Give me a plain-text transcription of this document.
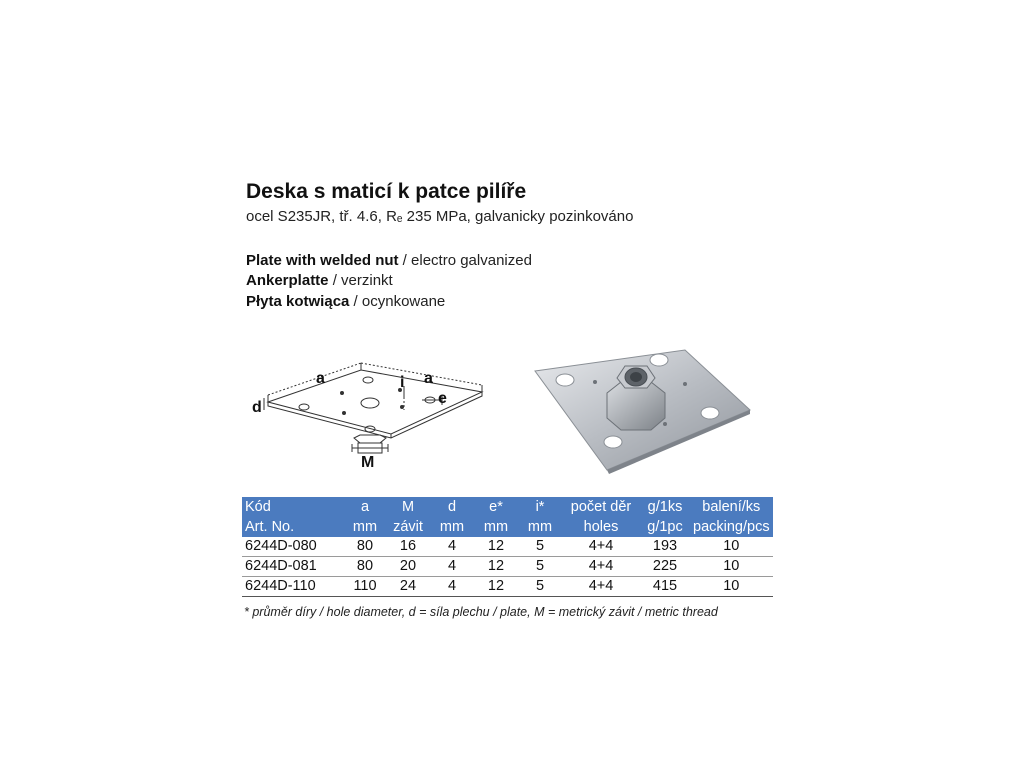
Deska s maticí k patce pilíře
ocel S235JR, tř. 4.6, Rₑ 235 MPa, galvanicky pozinkováno
Plate with welded nut / electro galvanized
Ankerplatte / verzinkt
Płyta kotwiąca / ocynkowane
a	i a
e
d
M
Kód	a	M	d	e*	i*	počet děr	g/1ks	balení/ks
Art. No.	mm	závit	mm	mm	mm	holes	g/1pc	packing/pcs
6244D-080	80	16	4	12	5	4+4	193	10
6244D-081	80	20	4	12	5	4+4	225	10
6244D-110	110	24	4	12	5	4+4	415	10
* průměr díry / hole diameter, d = síla plechu / plate, M = metrický závit / metric thread
